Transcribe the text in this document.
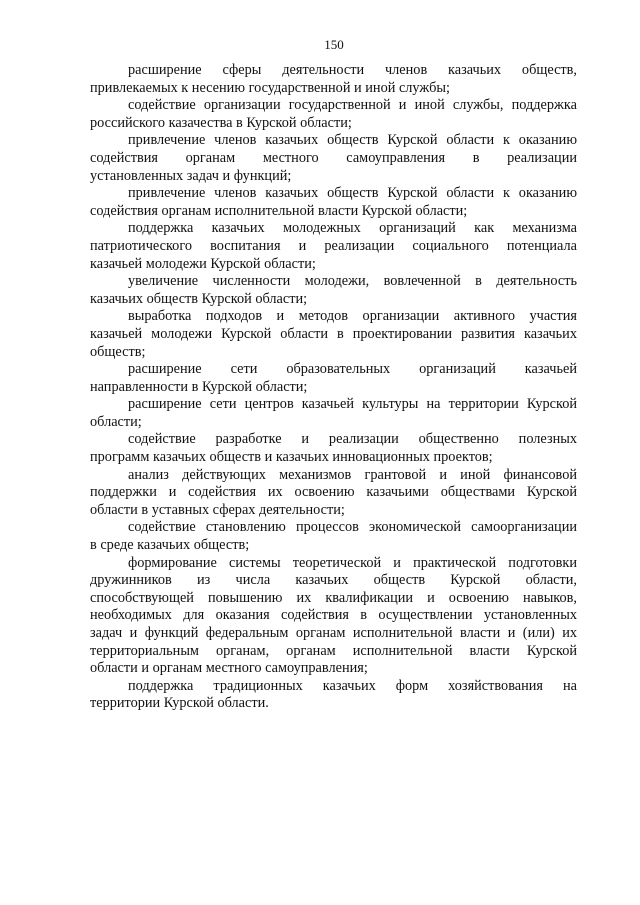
150
расширение сферы деятельности членов казачьих обществ,
привлекаемых к несению государственной и иной службы;
содействие организации государственной и иной службы, поддержка
российского казачества в Курской области;
привлечение членов казачьих обществ Курской области к оказанию
содействия органам местного самоуправления в реализации
установленных задач и функций;
привлечение членов казачьих обществ Курской области к оказанию
содействия органам исполнительной власти Курской области;
поддержка казачьих молодежных организаций как механизма
патриотического воспитания и реализации социального потенциала
казачьей молодежи Курской области;
увеличение численности молодежи, вовлеченной в деятельность
казачьих обществ Курской области;
выработка подходов и методов организации активного участия
казачьей молодежи Курской области в проектировании развития казачьих
обществ;
расширение сети образовательных организаций казачьей
направленности в Курской области;
расширение сети центров казачьей культуры на территории Курской
области;
содействие разработке и реализации общественно полезных
программ казачьих обществ и казачьих инновационных проектов;
анализ действующих механизмов грантовой и иной финансовой
поддержки и содействия их освоению казачьими обществами Курской
области в уставных сферах деятельности;
содействие становлению процессов экономической самоорганизации
в среде казачьих обществ;
формирование системы теоретической и практической подготовки
дружинников из числа казачьих обществ Курской области,
способствующей повышению их квалификации и освоению навыков,
необходимых для оказания содействия в осуществлении установленных
задач и функций федеральным органам исполнительной власти и (или) их
территориальным органам, органам исполнительной власти Курской
области и органам местного самоуправления;
поддержка традиционных казачьих форм хозяйствования на
территории Курской области.
